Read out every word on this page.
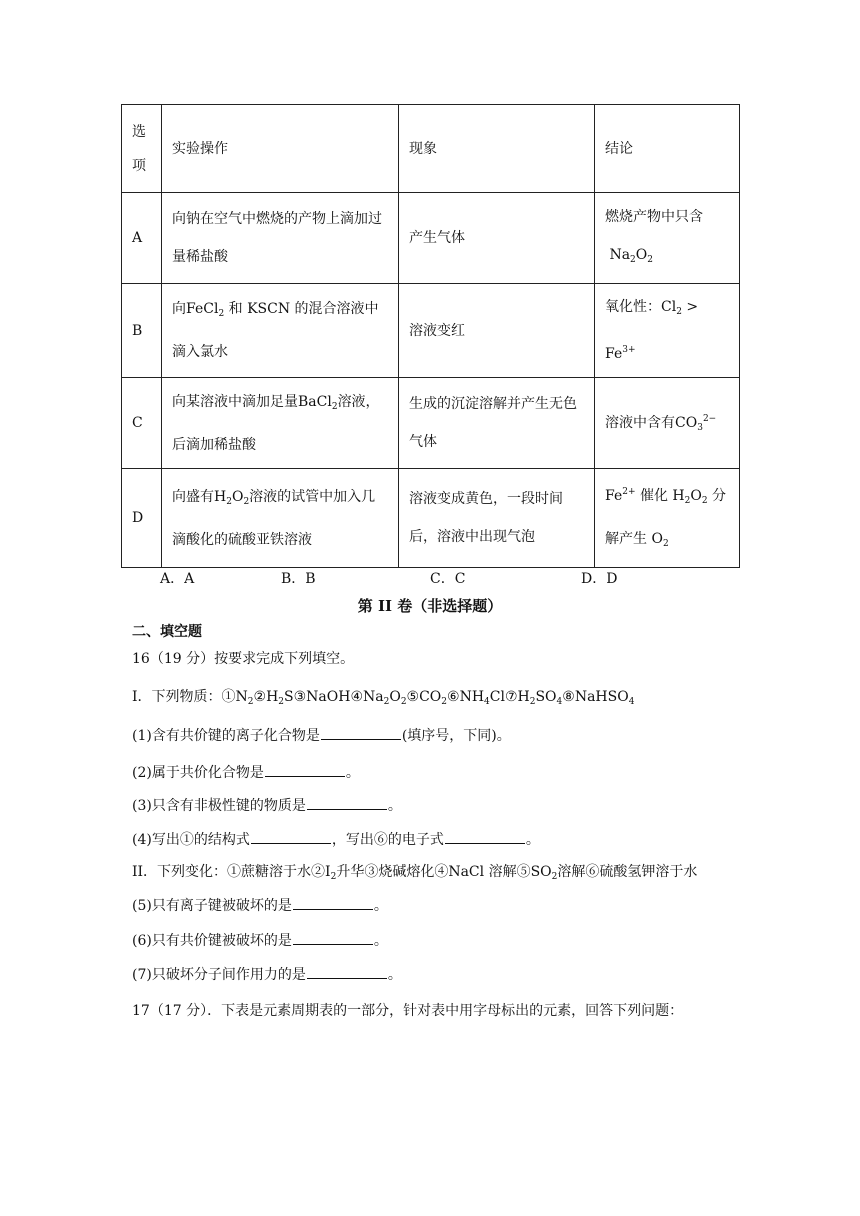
选项	实验操作	现象	结论
A	向钠在空气中燃烧的产物上滴加过量稀盐酸	产生气体	燃烧产物中只含
$Na_2O_2$

B	向FeCl$_2$ 和 KSCN 的混合溶液中滴入氯水	溶液变红	氧化性：$Cl_2 > Fe^{3+}$
C	向某溶液中滴加足量BaCl$_2$溶液，后滴加稀盐酸	生成的沉淀溶解并产生无色气体	溶液中含有$CO_3^{2-}$
D	向盛有$H_2O_2$溶液的试管中加入几滴酸化的硫酸亚铁溶液	溶液变成黄色，一段时间后，溶液中出现气泡	$Fe^{2+}$ 催化 $H_2O_2$ 分解产生 $O_2$
A．A	B．B	C．C	D．D
第 II 卷（非选择题）
二、填空题
16（19 分）按要求完成下列填空。
I．下列物质：$①N_2②H_2S③NaOH④Na_2O_2⑤CO_2⑥NH_4Cl⑦H_2SO_4⑧NaHSO_4$
(1)含有共价键的离子化合物是	(填序号，下同)。
(2)属于共价化合物是	。
(3)只含有非极性键的物质是	。
(4)写出①的结构式	，写出⑥的电子式	。
II．下列变化：①蔗糖溶于水$②I_2$升华③烧碱熔化④NaCl 溶解$⑤SO_2$溶解⑥硫酸氢钾溶于水
(5)只有离子键被破坏的是	。
(6)只有共价键被破坏的是	。
(7)只破坏分子间作用力的是	。
17（17 分）．下表是元素周期表的一部分，针对表中用字母标出的元素，回答下列问题：
